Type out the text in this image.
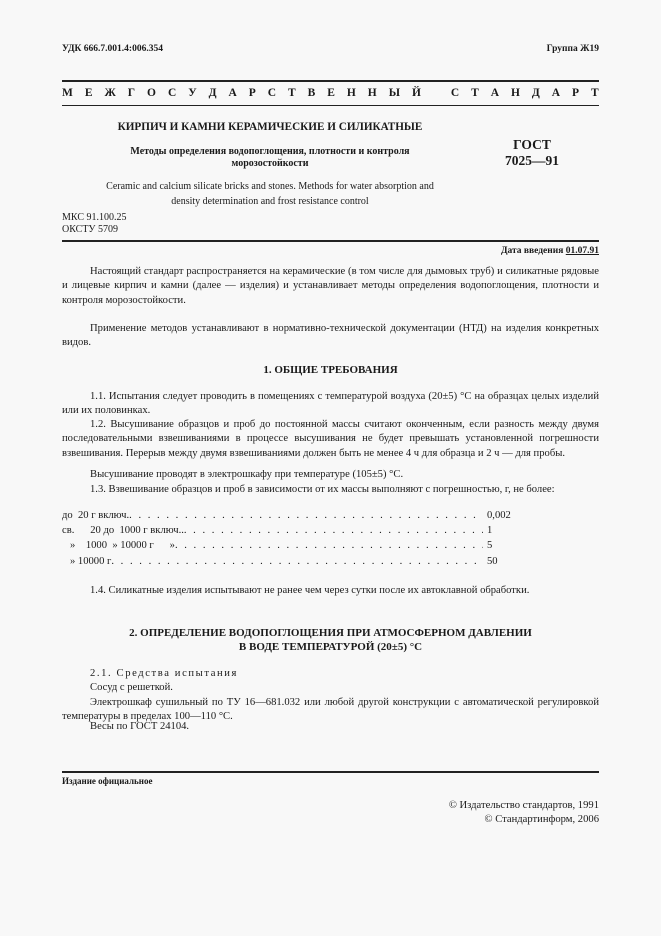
УДК 666.7.001.4:006.354	Группа Ж19
М Е Ж Г О С У Д А Р С Т В Е Н Н Ы Й	С Т А Н Д А Р Т
КИРПИЧ И КАМНИ КЕРАМИЧЕСКИЕ И СИЛИКАТНЫЕ
Методы определения водопоглощения, плотности и контроля
морозостойкости
ГОСТ
7025—91
Ceramic and calcium silicate bricks and stones. Methods for water absorption and
density determination and frost resistance control
МКС 91.100.25
ОКСТУ 5709
Дата введения 01.07.91
Настоящий стандарт распространяется на керамические (в том числе для дымовых труб) и силикатные рядовые и лицевые кирпич и камни (далее — изделия) и устанавливает методы определения водопоглощения, плотности и контроля морозостойкости.
Применение методов устанавливают в нормативно-технической документации (НТД) на изделия конкретных видов.
1. ОБЩИЕ ТРЕБОВАНИЯ
1.1. Испытания следует проводить в помещениях с температурой воздуха (20±5) °С на образцах целых изделий или их половинках.
1.2. Высушивание образцов и проб до постоянной массы считают оконченным, если разность между двумя последовательными взвешиваниями в процессе высушивания не будет превышать установленной погрешности взвешивания. Перерыв между двумя взвешиваниями должен быть не менее 4 ч для образца и 2 ч — для пробы.
Высушивание проводят в электрошкафу при температуре (105±5) °С.
1.3. Взвешивание образцов и проб в зависимости от их массы выполняют с погрешностью, г, не более:
до  20 г включ. . . .	0,002
св.      20 до  1000 г включ.. . . .	1
»    1000  » 10000 г      » . . .	5
» 10000 г . . .	50
1.4. Силикатные изделия испытывают не ранее чем через сутки после их автоклавной обработки.
2. ОПРЕДЕЛЕНИЕ ВОДОПОГЛОЩЕНИЯ ПРИ АТМОСФЕРНОМ ДАВЛЕНИИ
В ВОДЕ ТЕМПЕРАТУРОЙ (20±5) °С
2.1. Средства испытания
Сосуд с решеткой.
Электрошкаф сушильный по ТУ 16—681.032 или любой другой конструкции с автоматической регулировкой температуры в пределах 100—110 °С.
Весы по ГОСТ 24104.
Издание официальное
© Издательство стандартов, 1991
© Стандартинформ, 2006
